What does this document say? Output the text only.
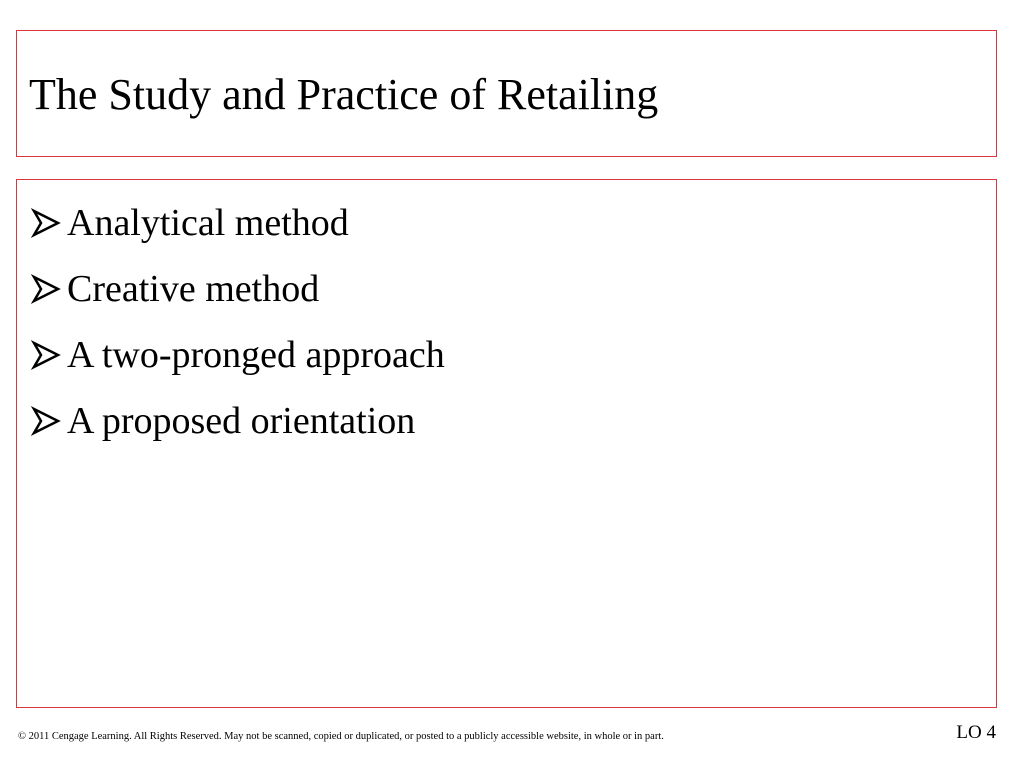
The Study and Practice of Retailing
Analytical method
Creative method
A two-pronged approach
A proposed orientation
© 2011 Cengage Learning. All Rights Reserved. May not be scanned, copied or duplicated, or posted to a publicly accessible website, in whole or in part.	LO 4
